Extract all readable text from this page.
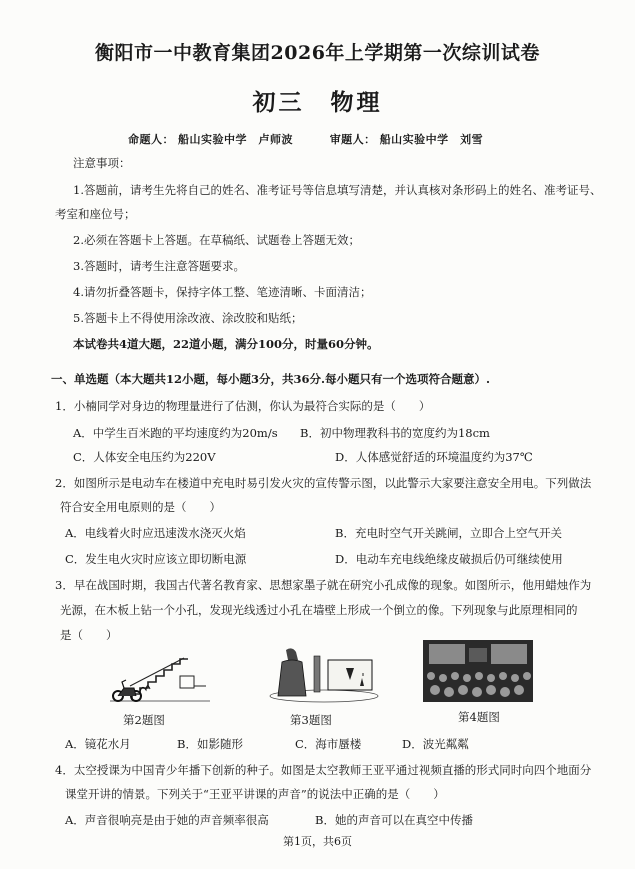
衡阳市一中教育集团2026年上学期第一次综训试卷
初三　物理
命题人： 船山实验中学　卢师波	审题人： 船山实验中学　刘雪
注意事项：
1.答题前，请考生先将自己的姓名、准考证号等信息填写清楚，并认真核对条形码上的姓名、准考证号、
考室和座位号；
2.必须在答题卡上答题。在草稿纸、试题卷上答题无效；
3.答题时，请考生注意答题要求。
4.请勿折叠答题卡，保持字体工整、笔迹清晰、卡面清洁；
5.答题卡上不得使用涂改液、涂改胶和贴纸；
本试卷共4道大题，22道小题，满分100分，时量60分钟。
一、单选题（本大题共12小题，每小题3分，共36分.每小题只有一个选项符合题意）.
1．小楠同学对身边的物理量进行了估测，你认为最符合实际的是（　　）
A．中学生百米跑的平均速度约为20m/s B．初中物理教科书的宽度约为18cm
C．人体安全电压约为220V	D．人体感觉舒适的环境温度约为37℃
2．如图所示是电动车在楼道中充电时易引发火灾的宣传警示图，以此警示大家要注意安全用电。下列做法
符合安全用电原则的是（　　）
A．电线着火时应迅速泼水浇灭火焰	B．充电时空气开关跳闸，立即合上空气开关
C．发生电火灾时应该立即切断电源	D．电动车充电线绝缘皮破损后仍可继续使用
3．早在战国时期，我国古代著名教育家、思想家墨子就在研究小孔成像的现象。如图所示，他用蜡烛作为
光源，在木板上钻一个小孔，发现光线透过小孔在墙壁上形成一个倒立的像。下列现象与此原理相同的
是（　　）
第2题图	第3题图	第4题图
A．镜花水月	B．如影随形	C．海市蜃楼	D．波光粼粼
4．太空授课为中国青少年播下创新的种子。如图是太空教师王亚平通过视频直播的形式同时向四个地面分
课堂开讲的情景。下列关于“王亚平讲课的声音”的说法中正确的是（　　）
A．声音很响亮是由于她的声音频率很高	B．她的声音可以在真空中传播
第1页，共6页
